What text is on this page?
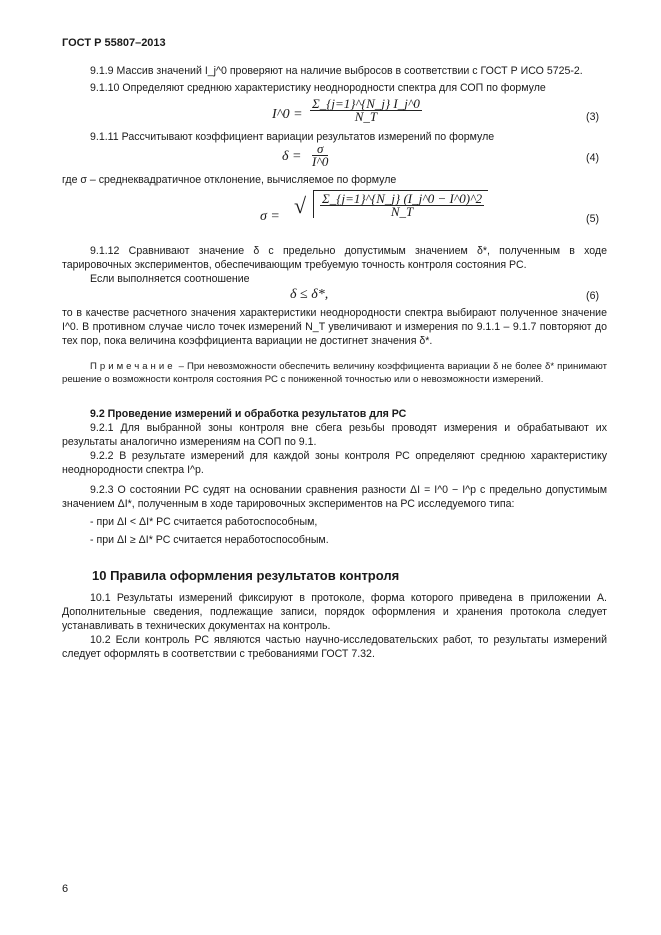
ГОСТ Р 55807–2013

9.1.9 Массив значений I_j^0 проверяют на наличие выбросов в соответствии с ГОСТ Р ИСО 5725-2.

9.1.10 Определяют среднюю характеристику неоднородности спектра для СОП по формуле

I^0 = $\frac{\Sigma\_\{j=1\}\^{}\{N\_j\} I\_j\^{}0}{N\_T}$	(3)

9.1.11 Рассчитывают коэффициент вариации результатов измерений по формуле

$\delta = \frac{\sigma}{I\^{}0}$	(4)

где σ – среднеквадратичное отклонение, вычисляемое по формуле

σ = √ $\frac{\Sigma\_\{j=1\}\^{}\{N\_j\} (I\_j\^{}0 - I\^{}0)\^{}2}{N\_T}$
(5)

9.1.12 Сравнивают значение δ с предельно допустимым значением δ*, полученным в ходе тарировочных экспериментов, обеспечивающим требуемую точность контроля состояния РС.

Если выполняется соотношение

δ ≤ δ*,	(6)

то в качестве расчетного значения характеристики неоднородности спектра выбирают полученное значение I^0. В противном случае число точек измерений N_T увеличивают и измерения по 9.1.1 – 9.1.7 повторяют до тех пор, пока величина коэффициента вариации не достигнет значения δ*.

Примечание – При невозможности обеспечить величину коэффициента вариации δ не более δ* принимают решение о возможности контроля состояния РС с пониженной точностью или о невозможности измерений.

9.2 Проведение измерений и обработка результатов для РС

9.2.1 Для выбранной зоны контроля вне сбега резьбы проводят измерения и обрабатывают их результаты аналогично измерениям на СОП по 9.1.

9.2.2 В результате измерений для каждой зоны контроля РС определяют среднюю характеристику неоднородности спектра I^p.

9.2.3 О состоянии РС судят на основании сравнения разности ΔI = I^0 − I^p с предельно допустимым значением ΔI*, полученным в ходе тарировочных экспериментов на РС исследуемого типа:

- при ΔI < ΔI* РС считается работоспособным,

- при ΔI ≥ ΔI* РС считается неработоспособным.

10 Правила оформления результатов контроля

10.1 Результаты измерений фиксируют в протоколе, форма которого приведена в приложении А. Дополнительные сведения, подлежащие записи, порядок оформления и хранения протокола следует устанавливать в технических документах на контроль.

10.2 Если контроль РС являются частью научно-исследовательских работ, то результаты измерений следует оформлять в соответствии с требованиями ГОСТ 7.32.

6
